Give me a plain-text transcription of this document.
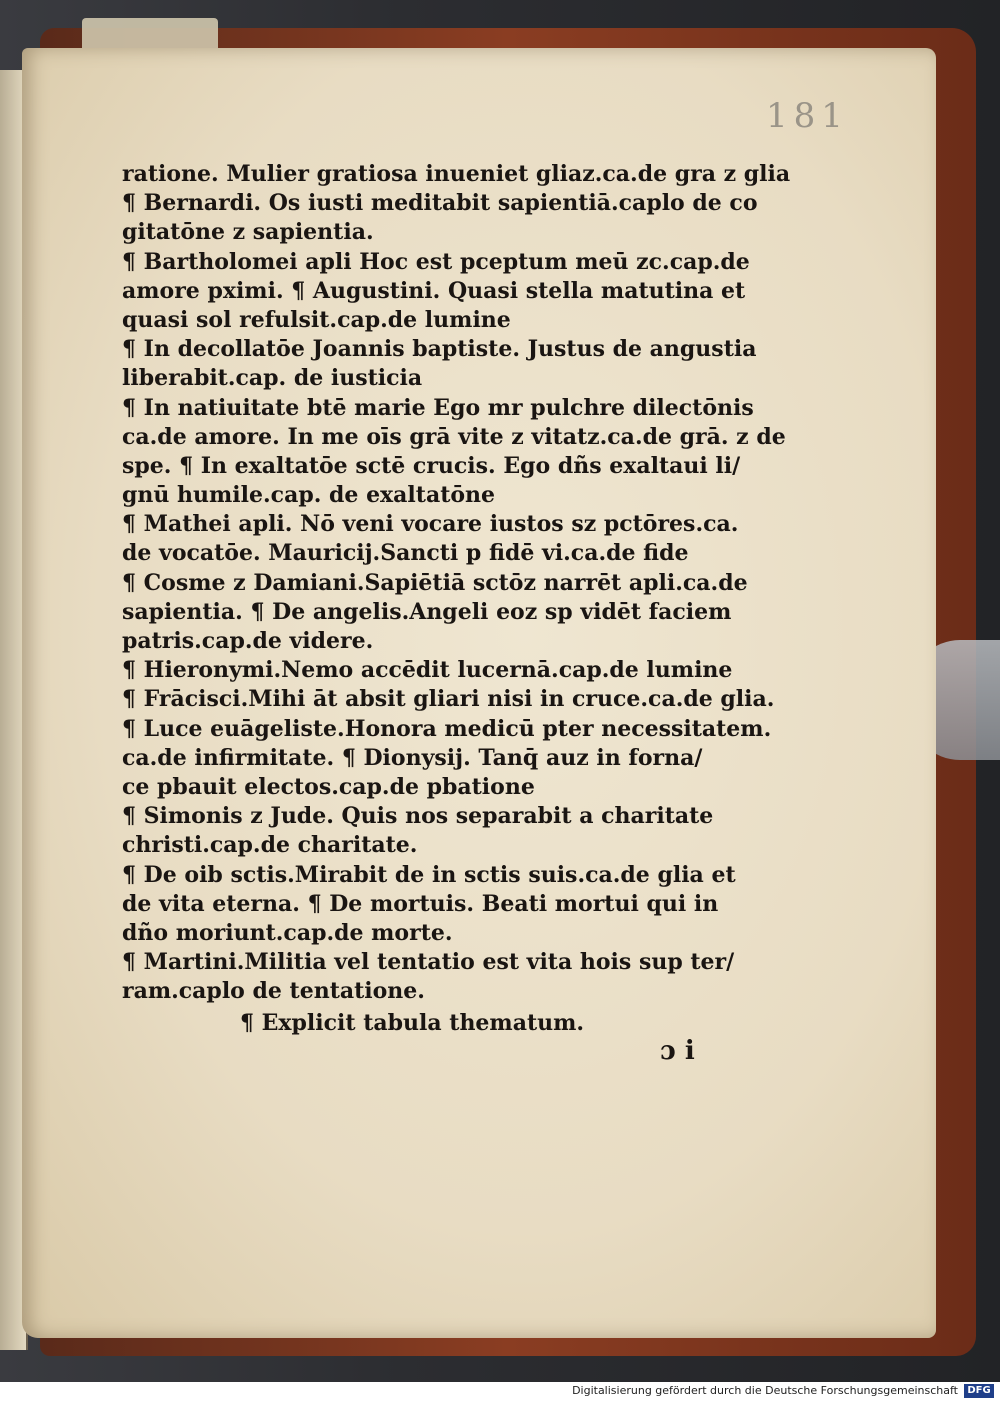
181
ratione. Mulier gratiosa inueniet gliaz.ca.de gra z glia
¶ Bernardi. Os iusti meditabit sapientiā.caplo de co
gitatōne z sapientia.
¶ Bartholomei apli Hoc est pceptum meū zc.cap.de
amore pximi. ¶ Augustini. Quasi stella matutina et
quasi sol refulsit.cap.de lumine
¶ In decollatōe Joannis baptiste. Justus de angustia
liberabit.cap. de iusticia
¶ In natiuitate btē marie Ego mr pulchre dilectōnis
ca.de amore. In me oīs grā vite z vitatz.ca.de grā. z de
spe. ¶ In exaltatōe sctē crucis. Ego dñs exaltaui li/
gnū humile.cap. de exaltatōne
¶ Mathei apli. Nō veni vocare iustos sz pctōres.ca.
de vocatōe. Mauricij.Sancti p fidē vi.ca.de fide
¶ Cosme z Damiani.Sapiētiā sctōz narrēt apli.ca.de
sapientia. ¶ De angelis.Angeli eoz sp vidēt faciem
patris.cap.de videre.
¶ Hieronymi.Nemo accēdit lucernā.cap.de lumine
¶ Frācisci.Mihi āt absit gliari nisi in cruce.ca.de glia.
¶ Luce euāgeliste.Honora medicū pter necessitatem.
ca.de infirmitate. ¶ Dionysij. Tanq̄ auz in forna/
ce pbauit electos.cap.de pbatione
¶ Simonis z Jude. Quis nos separabit a charitate
christi.cap.de charitate.
¶ De oib sctis.Mirabit de in sctis suis.ca.de glia et
de vita eterna. ¶ De mortuis. Beati mortui qui in
dño moriunt.cap.de morte.
¶ Martini.Militia vel tentatio est vita hois sup ter/
ram.caplo de tentatione.
¶ Explicit tabula thematum.
ɔ i
Digitalisierung gefördert durch die Deutsche Forschungsgemeinschaft DFG
